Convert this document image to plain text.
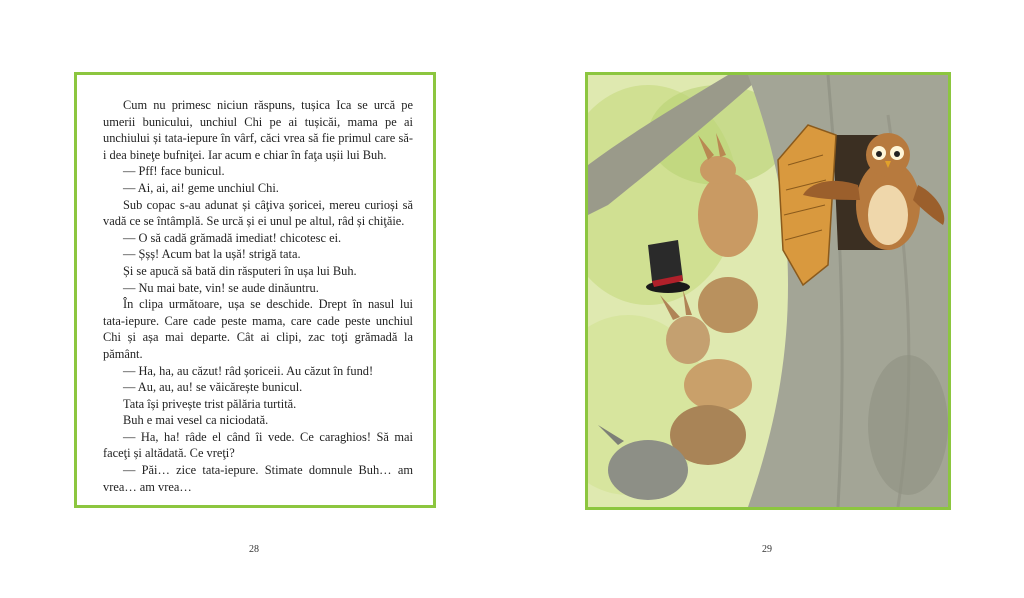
Cum nu primesc niciun răspuns, tușica Ica se urcă pe umerii bunicului, unchiul Chi pe ai tușicăi, mama pe ai unchiului și tata-iepure în vârf, căci vrea să fie primul care să-i dea bineţe bufniţei. Iar acum e chiar în faţa ușii lui Buh.

— Pff! face bunicul.

— Ai, ai, ai! geme unchiul Chi.

Sub copac s-au adunat și câţiva șoricei, mereu curioși să vadă ce se întâmplă. Se urcă și ei unul pe altul, râd și chiţăie.

— O să cadă grămadă imediat! chicotesc ei.

— Șșș! Acum bat la ușă! strigă tata.

Și se apucă să bată din răsputeri în ușa lui Buh.

— Nu mai bate, vin! se aude dinăuntru.

În clipa următoare, ușa se deschide. Drept în nasul lui tata-iepure. Care cade peste mama, care cade peste unchiul Chi și așa mai departe. Cât ai clipi, zac toţi grămadă la pământ.

— Ha, ha, au căzut! râd șoriceii. Au căzut în fund!

— Au, au, au! se văicărește bunicul.

Tata își privește trist pălăria turtită.

Buh e mai vesel ca niciodată.

— Ha, ha! râde el când îi vede. Ce caraghios! Să mai faceţi și altădată. Ce vreţi?

— Păi… zice tata-iepure. Stimate domnule Buh… am vrea… am vrea…

28	29
